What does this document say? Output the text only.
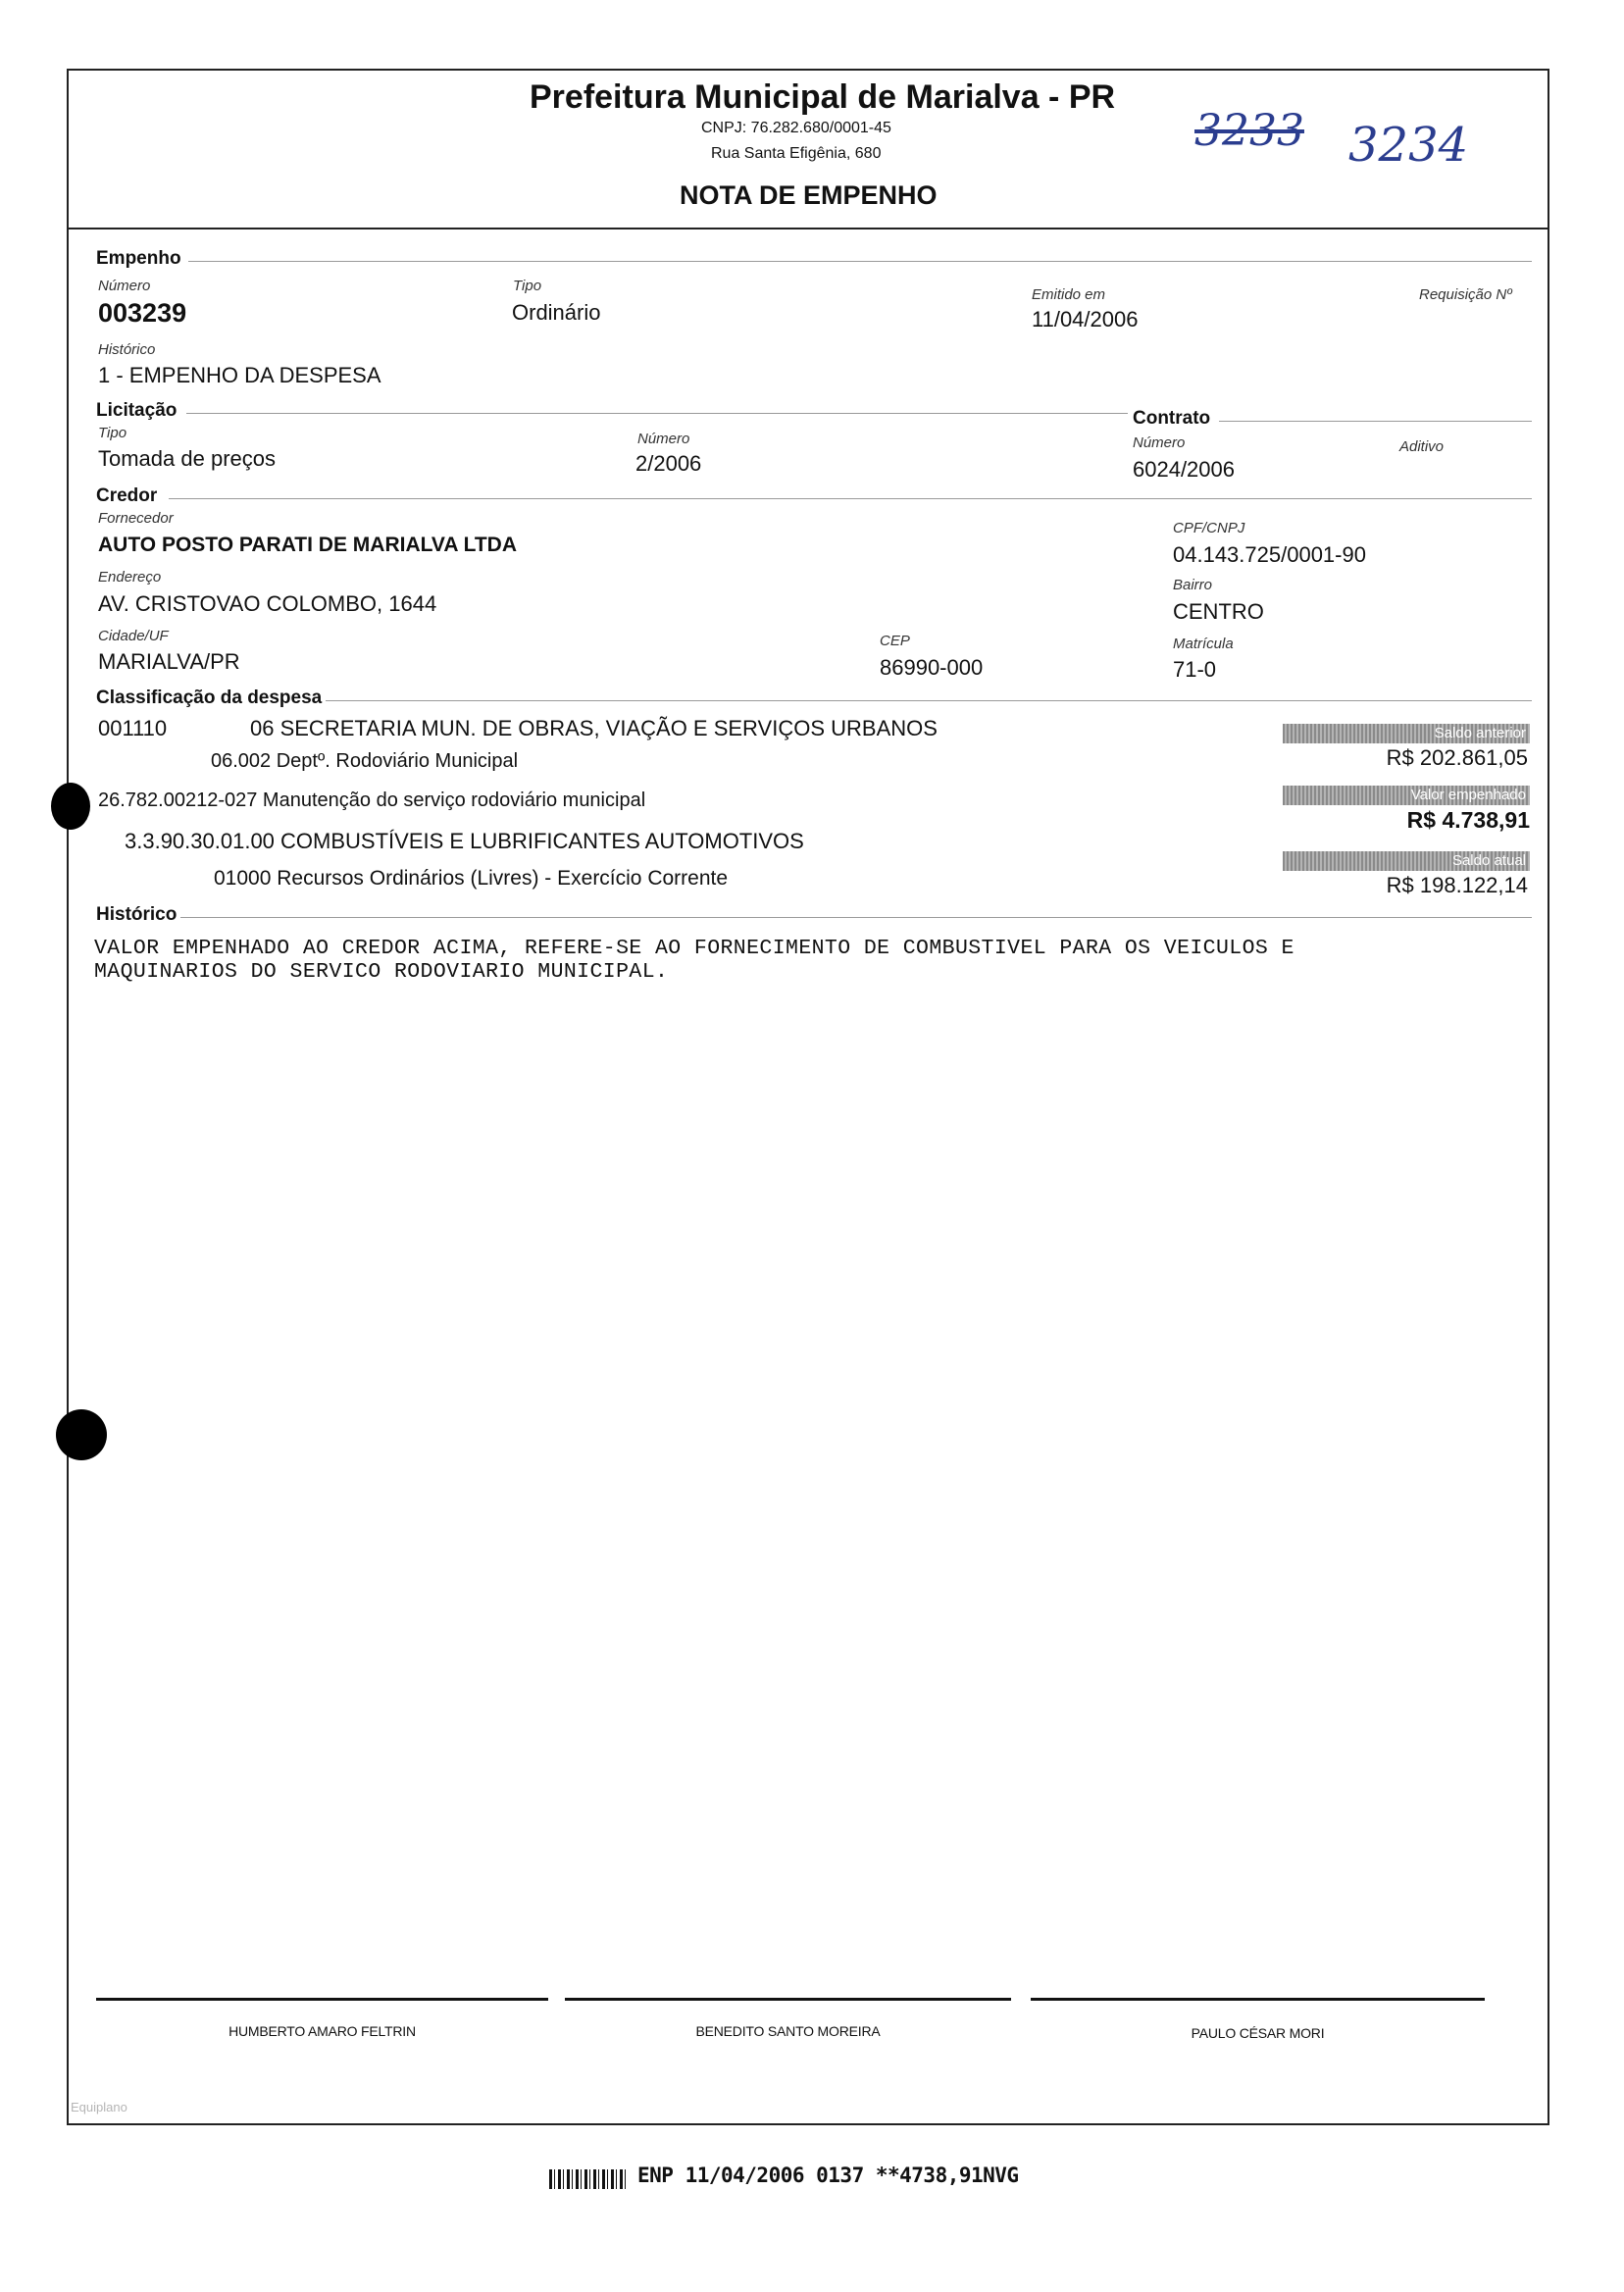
Prefeitura Municipal de Marialva - PR
CNPJ: 76.282.680/0001-45
Rua Santa Efigênia, 680
NOTA DE EMPENHO
3233 3234
Empenho
Número
003239
Tipo
Ordinário
Emitido em
11/04/2006
Requisição Nº
Histórico
1 - EMPENHO DA DESPESA
Licitação
Tipo
Tomada de preços
Número
2/2006
Contrato
Número
6024/2006
Aditivo
Credor
Fornecedor
AUTO POSTO PARATI DE MARIALVA LTDA
CPF/CNPJ
04.143.725/0001-90
Endereço
AV. CRISTOVAO COLOMBO, 1644
Bairro
CENTRO
Cidade/UF
MARIALVA/PR
CEP
86990-000
Matrícula
71-0
Classificação da despesa
001110	06 SECRETARIA MUN. DE OBRAS, VIAÇÃO E SERVIÇOS URBANOS
06.002 Deptº. Rodoviário Municipal
26.782.00212-027 Manutenção do serviço rodoviário municipal
3.3.90.30.01.00 COMBUSTÍVEIS E LUBRIFICANTES AUTOMOTIVOS
01000 Recursos Ordinários (Livres) - Exercício Corrente
Saldo anterior
R$ 202.861,05
Valor empenhado
R$ 4.738,91
Saldo atual
R$ 198.122,14
Histórico
VALOR EMPENHADO AO CREDOR ACIMA, REFERE-SE AO FORNECIMENTO DE COMBUSTIVEL PARA OS VEICULOS E
MAQUINARIOS DO SERVICO RODOVIARIO MUNICIPAL.
HUMBERTO AMARO FELTRIN	BENEDITO SANTO MOREIRA	PAULO CÉSAR MORI
Equiplano
ENP 11/04/2006 0137 **4738,91NVG
